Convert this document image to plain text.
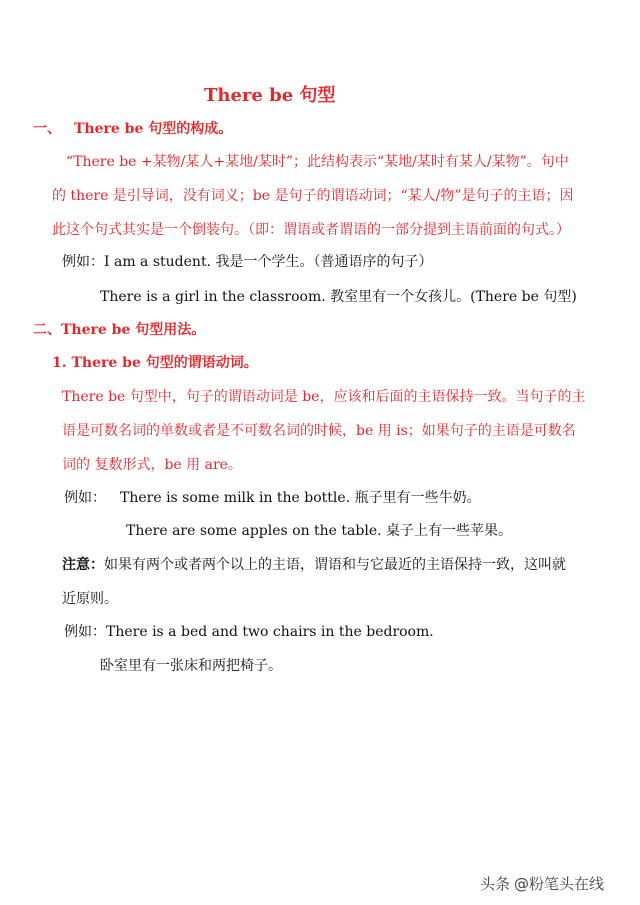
There be 句型
一、 There be 句型的构成。
“There be +某物/某人+某地/某时”；此结构表示“某地/某时有某人/某物”。句中
的 there 是引导词，没有词义；be 是句子的谓语动词；“某人/物”是句子的主语；因
此这个句式其实是一个倒装句。（即：谓语或者谓语的一部分提到主语前面的句式。）
例如：I am a student. 我是一个学生。（普通语序的句子）
There is a girl in the classroom. 教室里有一个女孩儿。(There be 句型)
二、There be 句型用法。
1. There be 句型的谓语动词。
There be 句型中，句子的谓语动词是 be，应该和后面的主语保持一致。当句子的主
语是可数名词的单数或者是不可数名词的时候，be 用 is；如果句子的主语是可数名
词的 复数形式，be 用 are。
例如： There is some milk in the bottle. 瓶子里有一些牛奶。
There are some apples on the table. 桌子上有一些苹果。
注意：如果有两个或者两个以上的主语，谓语和与它最近的主语保持一致，这叫就
近原则。
例如：There is a bed and two chairs in the bedroom.
卧室里有一张床和两把椅子。
头条 @粉笔头在线
